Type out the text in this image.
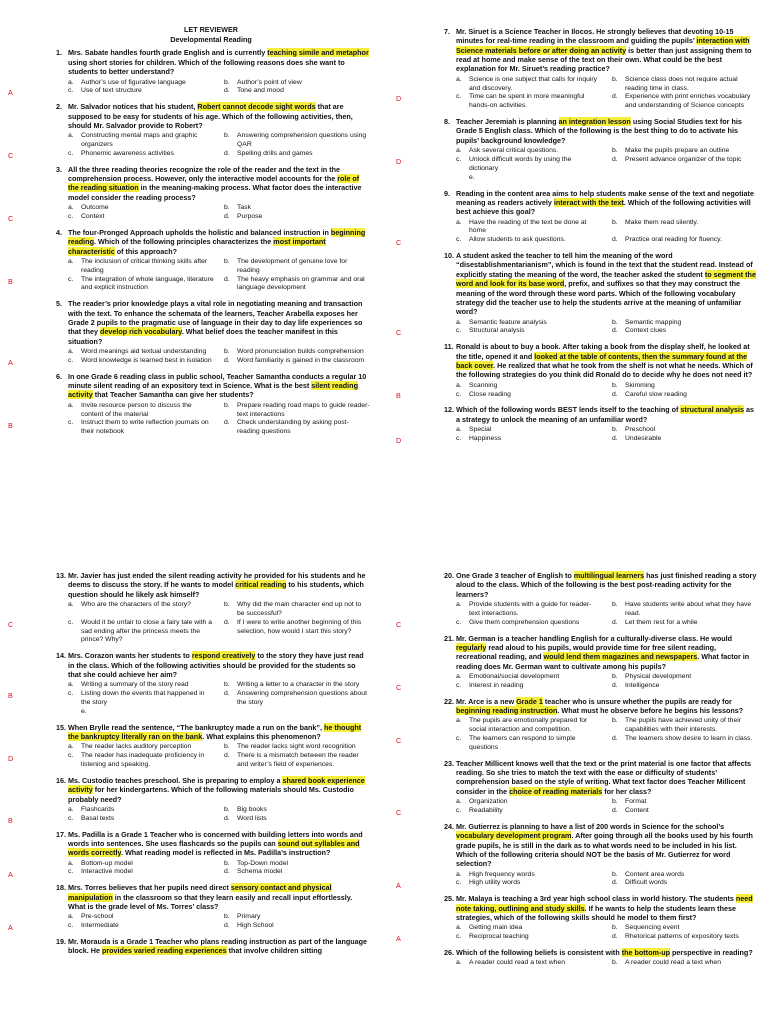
LET REVIEWER
Developmental Reading
1. Mrs. Sabate handles fourth grade English and is currently teaching simile and metaphor using short stories for children. Which of the following reasons does she want to students to better understand?
a.	Author’s use of figurative language	b.	Author’s point of view
c.	Use of text structure	d.	Tone and mood
A
2. Mr. Salvador notices that his student, Robert cannot decode sight words that are supposed to be easy for students of his age. Which of the following activities, then, should Mr. Salvador provide to Robert?
a.	Constructing mental maps and graphic organizers
b.	Answering comprehension questions using QAR
c.	Phonemic awareness activities	d.	Spelling drills and games
C
3. All the three reading theories recognize the role of the reader and the text in the comprehension process. However, only the interactive model accounts for the role of the reading situation in the meaning-making process. What factor does the interactive model consider the reading process?
a.	Outcome	b.	Task
c.	Context	d.	Purpose
C
4. The four-Pronged Approach upholds the holistic and balanced instruction in beginning reading. Which of the following principles characterizes the most important characteristic of this approach?
a.	The inclusion of critical thinking skills after reading
b.	The development of genuine love for reading
c.	The integration of whole language, literature and explicit instruction
d.	The heavy emphasis on grammar and oral language development
B
5. The reader’s prior knowledge plays a vital role in negotiating meaning and transaction with the text. To enhance the schemata of the learners, Teacher Arabella exposes her Grade 2 pupils to the pragmatic use of language in their day to day life experiences so that they develop rich vocabulary. What belief does the teacher manifest in this situation?
a.	Word meanings aid textual understanding	b.	Word pronunciation builds comprehension
c.	Word knowledge is learned best in isolation d.	Word familiarity is gained in the classroom
A
6. In one Grade 6 reading class in public school, Teacher Samantha conducts a regular 10 minute silent reading of an expository text in Science. What is the best silent reading activity that Teacher Samantha can give her students?
a.	Invite resource person to discuss the content of the material
b.	Prepare reading road maps to guide reader-text interactions
c.	Instruct them to write reflection journals on their notebook
d.	Check understanding by asking post-reading questions
B
7. Mr. Siruet is a Science Teacher in Ilocos. He strongly believes that devoting 10-15 minutes for real-time reading in the classroom and guiding the pupils’ interaction with Science materials before or after doing an activity is better than just assigning them to read at home and make sense of the text on their own. What could be the best explanation for Mr. Siruet’s reading practice?
a.	Science is one subject that calls for inquiry and discovery.
b.	Science class does not require actual reading time in class.
c.	Time can be spent in more meaningful hands-on activities.
d.	Experience with print enriches vocabulary and understanding of Science concepts
D
8. Teacher Jeremiah is planning an integration lesson using Social Studies text for his Grade 5 English class. Which of the following is the best thing to do to activate his pupils’ background knowledge?
a.	Ask several critical questions.	b.	Make the pupils prepare an outline
c.	Unlock difficult words by using the dictionary
d.	Present advance organizer of the topic
e.
D
9. Reading in the content area aims to help students make sense of the text and negotiate meaning as readers actively interact with the text. Which of the following activities will best achieve this goal?
a.	Have the reading of the text be done at home
b.	Make them read silently.
c.	Allow students to ask questions.	d.	Practice oral reading for fluency.
C
10. A student asked the teacher to tell him the meaning of the word “disestablishmentarianism”, which is found in the text that the student read. Instead of explicitly stating the meaning of the word, the teacher asked the student to segment the word and look for its base word, prefix, and suffixes so that they may construct the meaning of the word through these word parts. Which of the following vocabulary strategy did the teacher use to help the students arrive at the meaning of unfamiliar word?
a.	Semantic feature analysis	b.	Semantic mapping
c.	Structural analysis	d.	Context clues
C
11. Ronald is about to buy a book. After taking a book from the display shelf, he looked at the title, opened it and looked at the table of contents, then the summary found at the back cover. He realized that what he took from the shelf is not what he needs. Which of the following strategies do you think did Ronald do to decide why he does not need it?
a.	Scanning	b.	Skimming
c.	Close reading	d.	Careful slow reading
B
12. Which of the following words BEST lends itself to the teaching of structural analysis as a strategy to unlock the meaning of an unfamiliar word?
a.	Special	b.	Preschool
c.	Happiness	d.	Undesirable
D
13. Mr. Javier has just ended the silent reading activity he provided for his students and he deems to discuss the story. If he wants to model critical reading to his students, which question should he likely ask himself?
a.	Who are the characters of the story?	b.	Why did the main character end up not to be successful?
c.	Would it be unfair to close a fairy tale with a sad ending after the princess meets the prince? Why?
d.	If I were to write another beginning of this selection, how would I start this story?
C
14. Mrs. Corazon wants her students to respond creatively to the story they have just read in the class. Which of the following activities should be provided for the students so that she could achieve her aim?
a.	Writing a summary of the story read	b.	Writing a letter to a character in the story
c.	Listing down the events that happened in the story
d.	Answering comprehension questions about the story
e.
B
15. When Brylle read the sentence, “The bankruptcy made a run on the bank”, he thought the bankruptcy literally ran on the bank. What explains this phenomenon?
a.	The reader lacks auditory perception	b.	The reader lacks sight word recognition
c.	The reader has inadequate proficiency in listening and speaking.
d.	There is a mismatch between the reader and writer’s field of experiences.
D
16. Ms. Custodio teaches preschool. She is preparing to employ a shared book experience activity for her kindergartens. Which of the following materials should Ms. Custodio probably need?
a.	Flashcards	b.	Big books
c.	Basal texts	d.	Word lists
B
17. Ms. Padilla is a Grade 1 Teacher who is concerned with building letters into words and words into sentences. She uses flashcards so the pupils can sound out syllables and words correctly. What reading model is reflected in Ms. Padilla’s instruction?
a.	Bottom-up model	b.	Top-Down model
c.	Interactive model	d.	Schema model
A
18. Mrs. Torres believes that her pupils need direct sensory contact and physical manipulation in the classroom so that they learn easily and recall input effortlessly. What is the grade level of Ms. Torres’ class?
a.	Pre-school	b.	Primary
c.	Intermediate	d.	High School
A
19. Mr. Morauda is a Grade 1 Teacher who plans reading instruction as part of the language block. He provides varied reading experiences that involve children sitting
20. One Grade 3 teacher of English to multilingual learners has just finished reading a story aloud to the class. Which of the following is the best post-reading activity for the learners?
a.	Provide students with a guide for reader-text interactions.
b.	Have students write about what they have read.
c.	Give them comprehension questions	d.	Let them rest for a while
C
21. Mr. German is a teacher handling English for a culturally-diverse class. He would regularly read aloud to his pupils, would provide time for free silent reading, recreational reading, and would lend them magazines and newspapers. What factor in reading does Mr. German want to cultivate among his pupils?
a.	Emotional/social development	b.	Physical development
c.	Interest in reading	d.	Intelligence
C
22. Mr. Arce is a new Grade 1 teacher who is unsure whether the pupils are ready for beginning reading instruction. What must he observe before he begins his lessons?
a.	The pupils are emotionally prepared for social interaction and competition.
b.	The pupils have achieved unity of their capabilities with their interests.
c.	The learners can respond to simple questions
d.	The learners show desire to learn in class.
C
23. Teacher Millicent knows well that the text or the print material is one factor that affects reading. So she tries to match the text with the ease or difficulty of students’ comprehension based on the style of writing. What text factor does Teacher Millicent consider in the choice of reading materials for her class?
a.	Organization	b.	Format
c.	Readability	d.	Content
C
24. Mr. Gutierrez is planning to have a list of 200 words in Science for the school’s vocabulary development program. After going through all the books used by his fourth grade pupils, he is still in the dark as to what words need to be included in his list. Which of the following criteria should NOT be the basis of Mr. Gutierrez for word selection?
a.	High frequency words	b.	Content area words
c.	High utility words	d.	Difficult words
A
25. Mr. Malaya is teaching a 3rd year high school class in world history. The students need note taking, outlining and study skills. If he wants to help the students learn these strategies, which of the following skills should he model to them first?
a.	Getting main idea	b.	Sequencing event
c.	Reciprocal teaching	d.	Rhetorical patterns of expository texts
A
26. Which of the following beliefs is consistent with the bottom-up perspective in reading?
a.	A reader could read a text when	b.	A reader could read a text when
